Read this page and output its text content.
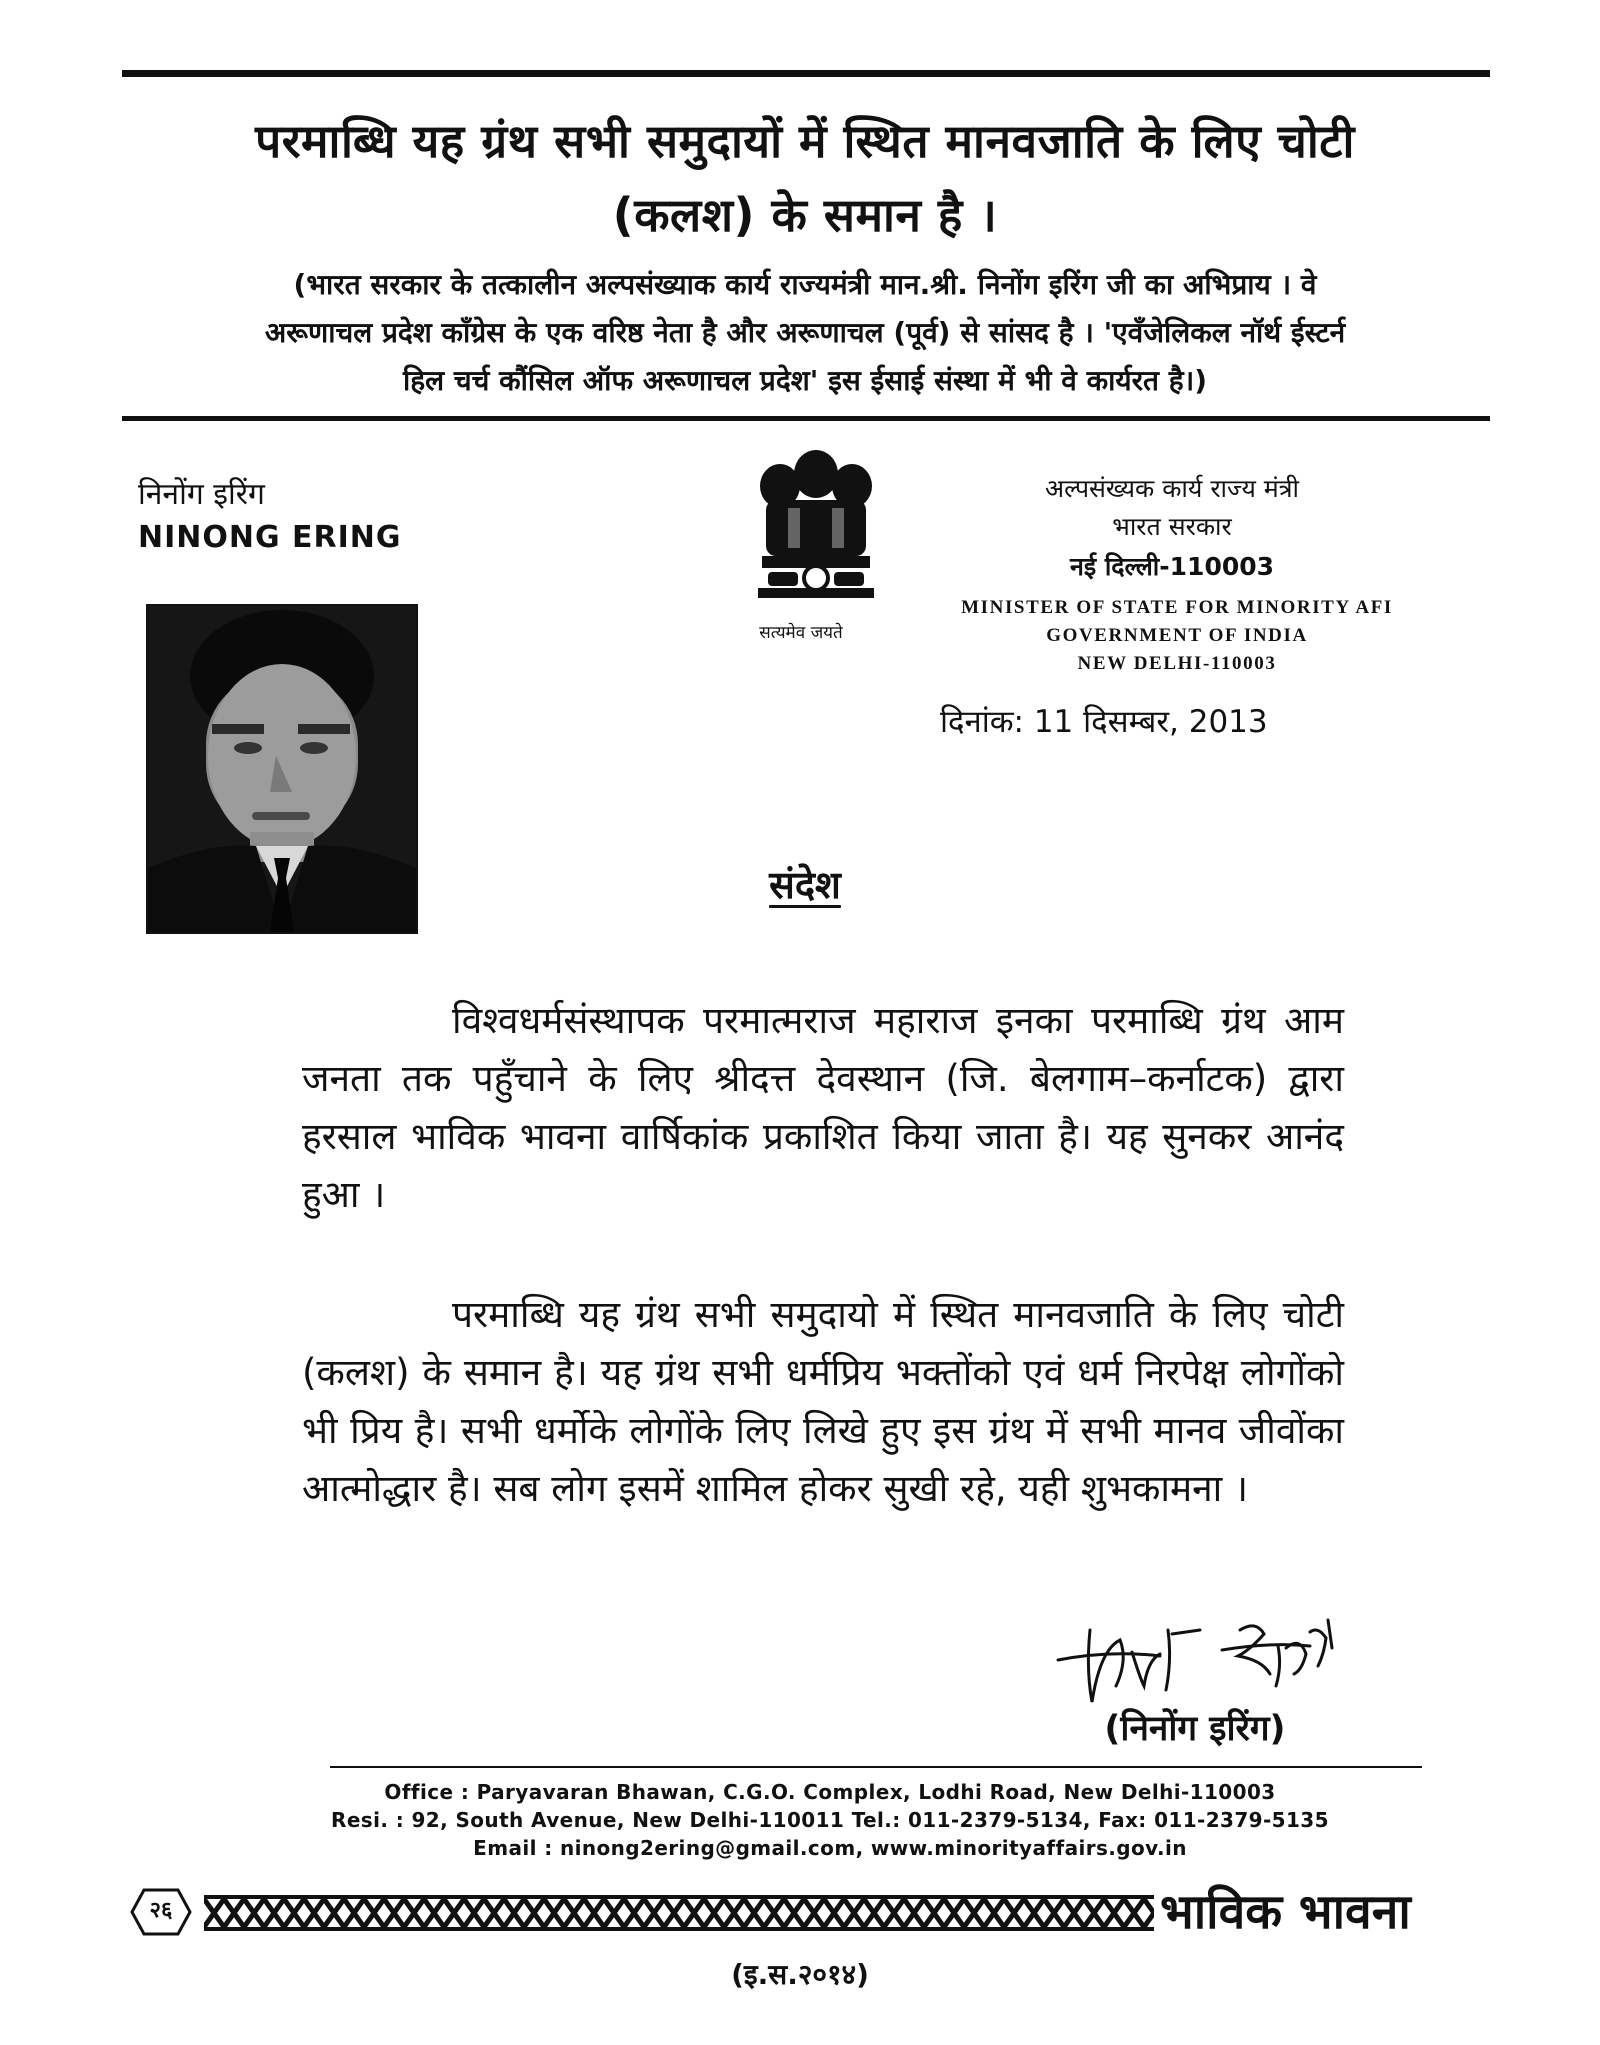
परमाब्धि यह ग्रंथ सभी समुदायों में स्थित मानवजाति के लिए चोटी
(कलश) के समान है ।
(भारत सरकार के तत्कालीन अल्पसंख्याक कार्य राज्यमंत्री मान.श्री. निनोंग इरिंग जी का अभिप्राय । वे
अरूणाचल प्रदेश काँग्रेस के एक वरिष्ठ नेता है और अरूणाचल (पूर्व) से सांसद है । 'एवँजेलिकल नॉर्थ ईस्टर्न
हिल चर्च कौंसिल ऑफ अरूणाचल प्रदेश' इस ईसाई संस्था में भी वे कार्यरत है।)
निनोंग इरिंग
NINONG ERING
सत्यमेव जयते
अल्पसंख्यक कार्य राज्य मंत्री
भारत सरकार
नई दिल्ली-110003
MINISTER OF STATE FOR MINORITY AFI
GOVERNMENT OF INDIA
NEW DELHI-110003
दिनांक: 11 दिसम्बर, 2013
संदेश
विश्वधर्मसंस्थापक परमात्मराज महाराज इनका परमाब्धि ग्रंथ आम जनता तक पहुँचाने के लिए श्रीदत्त देवस्थान (जि. बेलगाम–कर्नाटक) द्वारा हरसाल भाविक भावना वार्षिकांक प्रकाशित किया जाता है। यह सुनकर आनंद हुआ ।
परमाब्धि यह ग्रंथ सभी समुदायो में स्थित मानवजाति के लिए चोटी (कलश) के समान है। यह ग्रंथ सभी धर्मप्रिय भक्तोंको एवं धर्म निरपेक्ष लोगोंको भी प्रिय है। सभी धर्मोके लोगोंके लिए लिखे हुए इस ग्रंथ में सभी मानव जीवोंका आत्मोद्धार है। सब लोग इसमें शामिल होकर सुखी रहे, यही शुभकामना ।
(निनोंग इरिंग)
Office : Paryavaran Bhawan, C.G.O. Complex, Lodhi Road, New Delhi-110003
Resi. : 92, South Avenue, New Delhi-110011 Tel.: 011-2379-5134, Fax: 011-2379-5135
Email : ninong2ering@gmail.com, www.minorityaffairs.gov.in
२६	भाविक भावना
(इ.स.२०१४)
